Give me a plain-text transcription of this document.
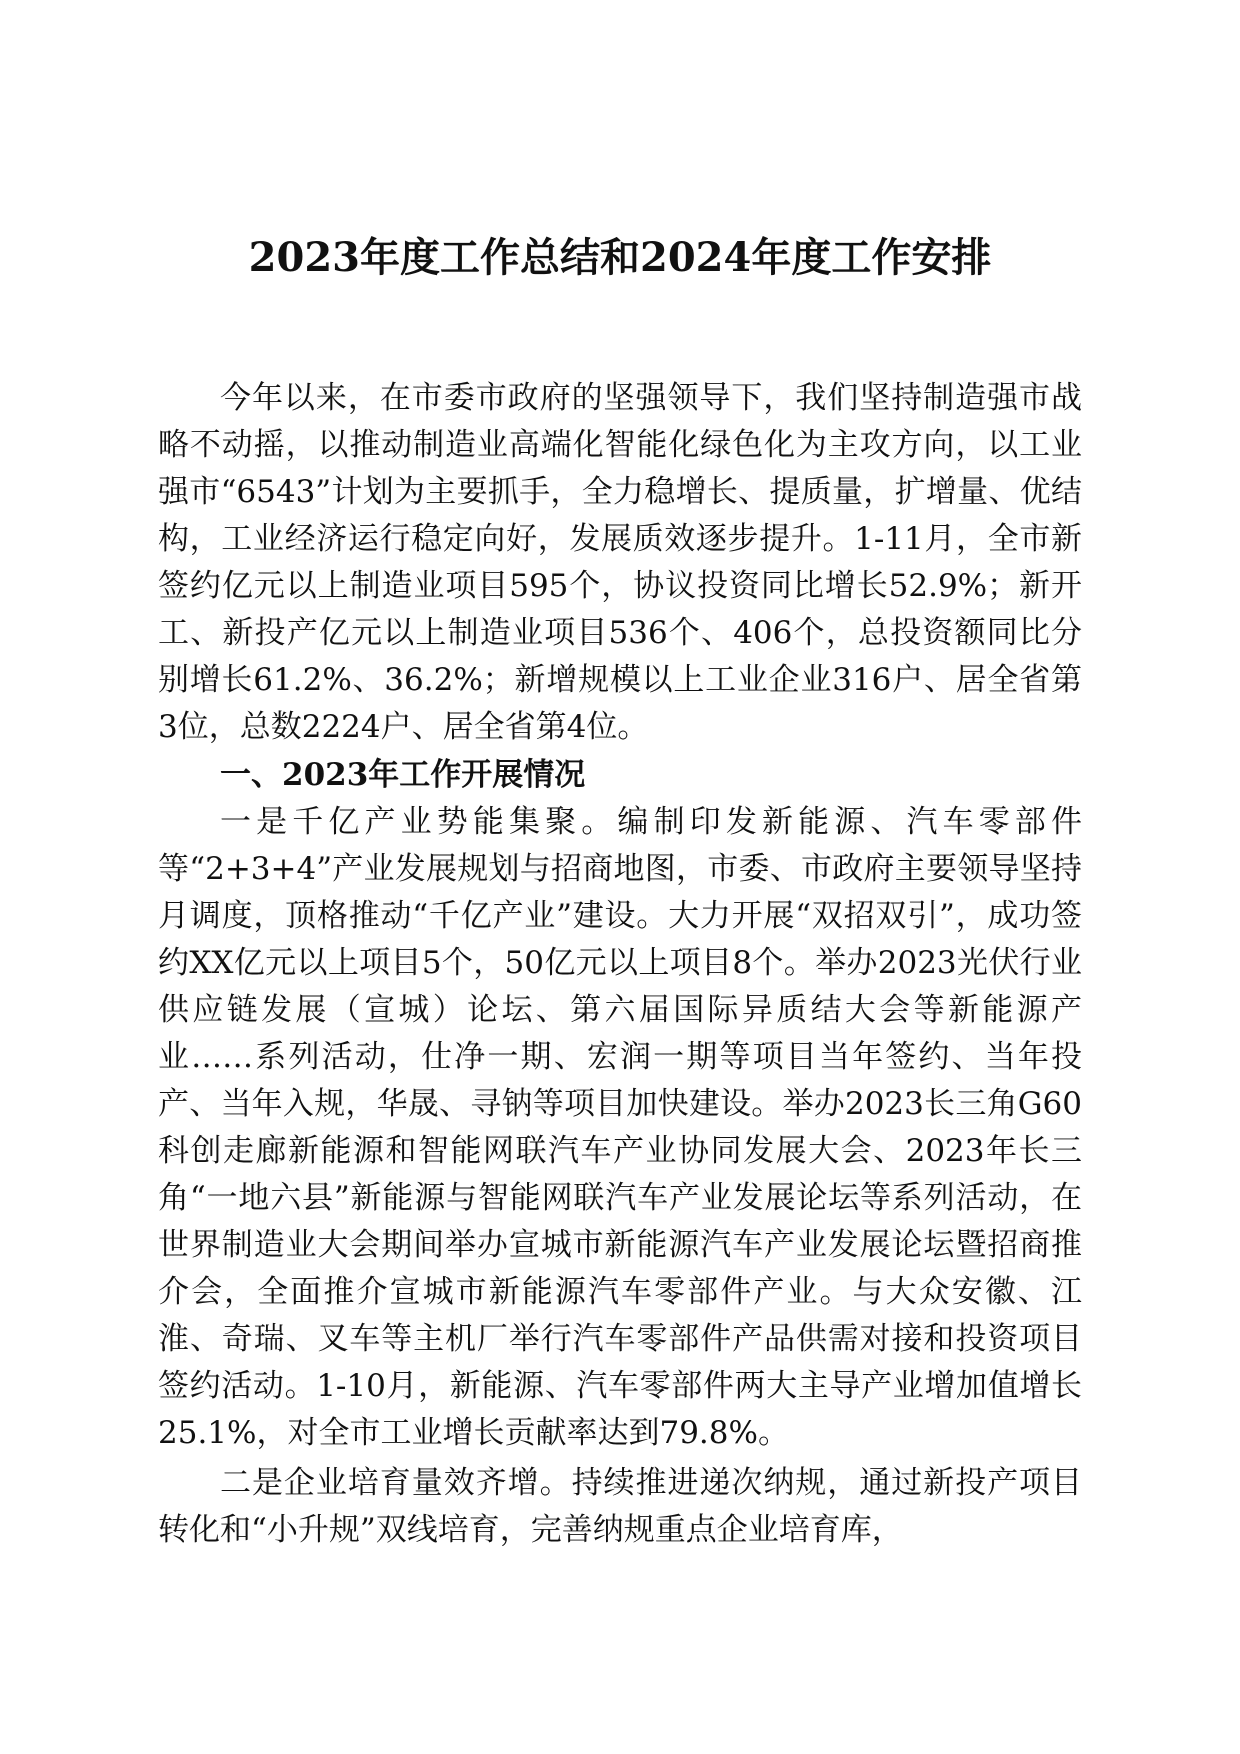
2023年度工作总结和2024年度工作安排

今年以来，在市委市政府的坚强领导下，我们坚持制造强市战略不动摇，以推动制造业高端化智能化绿色化为主攻方向，以工业强市“6543”计划为主要抓手，全力稳增长、提质量，扩增量、优结构，工业经济运行稳定向好，发展质效逐步提升。1-11月，全市新签约亿元以上制造业项目595个，协议投资同比增长52.9%；新开工、新投产亿元以上制造业项目536个、406个，总投资额同比分别增长61.2%、36.2%；新增规模以上工业企业316户、居全省第3位，总数2224户、居全省第4位。

一、2023年工作开展情况

一是千亿产业势能集聚。编制印发新能源、汽车零部件等“2+3+4”产业发展规划与招商地图，市委、市政府主要领导坚持月调度，顶格推动“千亿产业”建设。大力开展“双招双引”，成功签约XX亿元以上项目5个，50亿元以上项目8个。举办2023光伏行业供应链发展（宣城）论坛、第六届国际异质结大会等新能源产业……系列活动，仕净一期、宏润一期等项目当年签约、当年投产、当年入规，华晟、寻钠等项目加快建设。举办2023长三角G60科创走廊新能源和智能网联汽车产业协同发展大会、2023年长三角“一地六县”新能源与智能网联汽车产业发展论坛等系列活动，在世界制造业大会期间举办宣城市新能源汽车产业发展论坛暨招商推介会，全面推介宣城市新能源汽车零部件产业。与大众安徽、江淮、奇瑞、叉车等主机厂举行汽车零部件产品供需对接和投资项目签约活动。1-10月，新能源、汽车零部件两大主导产业增加值增长25.1%，对全市工业增长贡献率达到79.8%。

二是企业培育量效齐增。持续推进递次纳规，通过新投产项目转化和“小升规”双线培育，完善纳规重点企业培育库，
